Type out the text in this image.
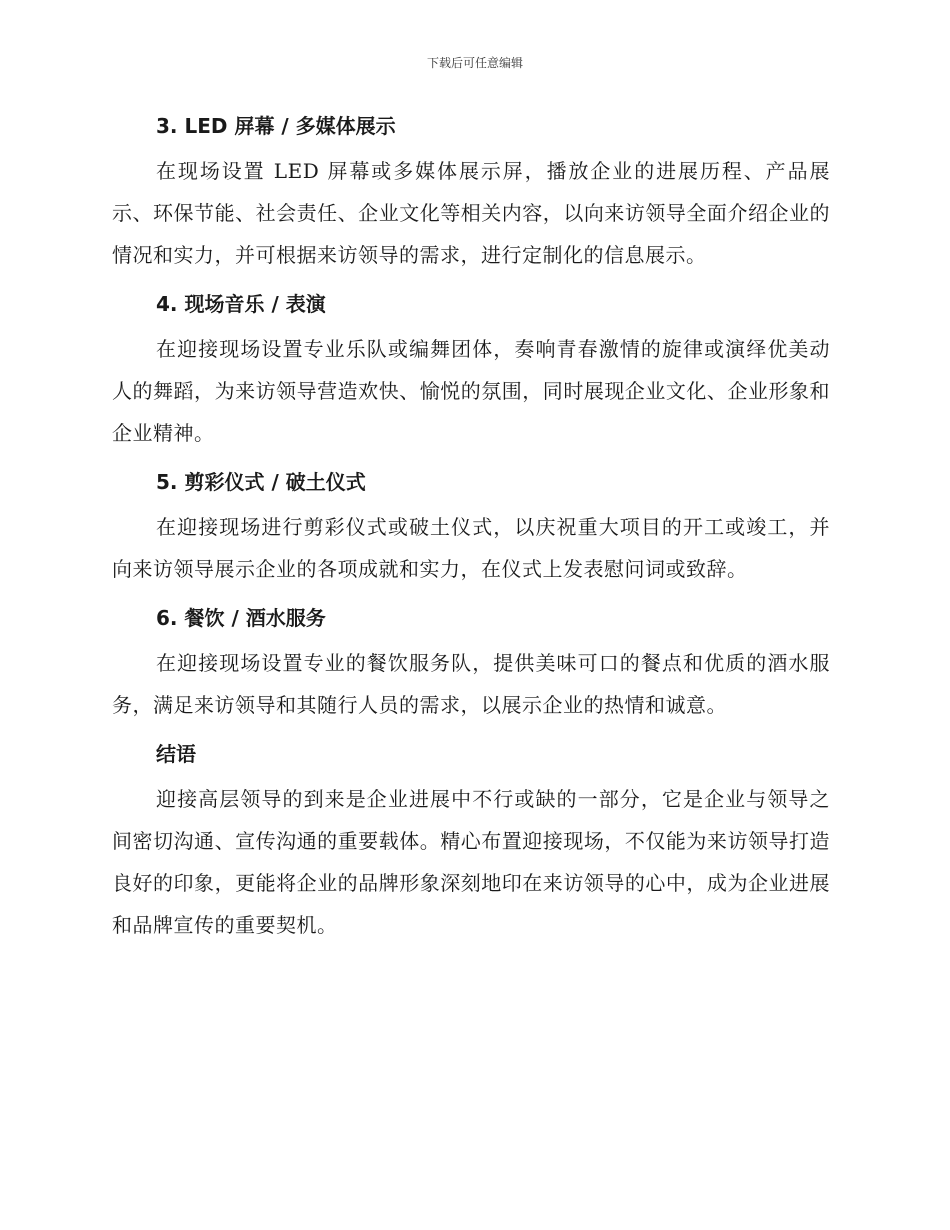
下载后可任意编辑
3. LED 屏幕 / 多媒体展示

在现场设置 LED 屏幕或多媒体展示屏，播放企业的进展历程、产品展示、环保节能、社会责任、企业文化等相关内容，以向来访领导全面介绍企业的情况和实力，并可根据来访领导的需求，进行定制化的信息展示。

4. 现场音乐 / 表演

在迎接现场设置专业乐队或编舞团体，奏响青春激情的旋律或演绎优美动人的舞蹈，为来访领导营造欢快、愉悦的氛围，同时展现企业文化、企业形象和企业精神。

5. 剪彩仪式 / 破土仪式

在迎接现场进行剪彩仪式或破土仪式，以庆祝重大项目的开工或竣工，并向来访领导展示企业的各项成就和实力，在仪式上发表慰问词或致辞。

6. 餐饮 / 酒水服务

在迎接现场设置专业的餐饮服务队，提供美味可口的餐点和优质的酒水服务，满足来访领导和其随行人员的需求，以展示企业的热情和诚意。

结语

迎接高层领导的到来是企业进展中不行或缺的一部分，它是企业与领导之间密切沟通、宣传沟通的重要载体。精心布置迎接现场，不仅能为来访领导打造良好的印象，更能将企业的品牌形象深刻地印在来访领导的心中，成为企业进展和品牌宣传的重要契机。
